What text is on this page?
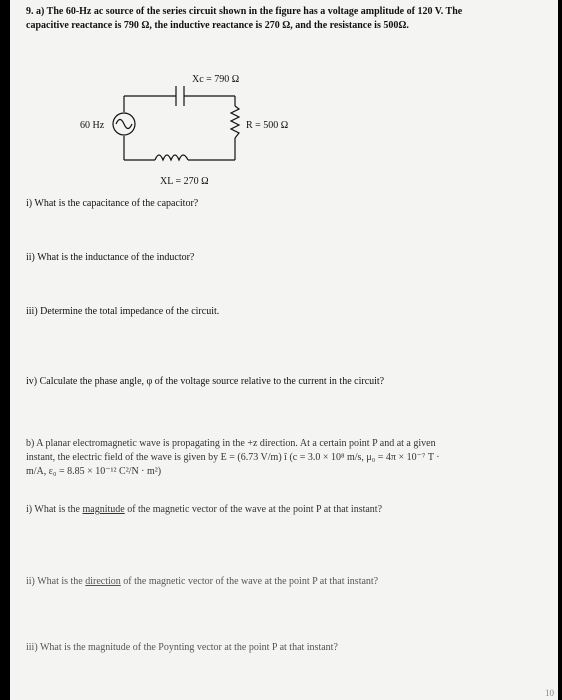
9. a) The 60-Hz ac source of the series circuit shown in the figure has a voltage amplitude of 120 V. The
capacitive reactance is 790 Ω, the inductive reactance is 270 Ω, and the resistance is 500Ω.
Xc = 790 Ω
60 Hz	R = 500 Ω
XL = 270 Ω
i) What is the capacitance of the capacitor?
ii) What is the inductance of the inductor?
iii) Determine the total impedance of the circuit.
iv) Calculate the phase angle, φ of the voltage source relative to the current in the circuit?
b) A planar electromagnetic wave is propagating in the +z direction. At a certain point P and at a given
instant, the electric field of the wave is given by E = (6.73 V/m) î (c = 3.0 × 10⁸ m/s, μ₀ = 4π × 10⁻⁷ T ·
m/A, ε₀ = 8.85 × 10⁻¹² C²/N · m²)
i) What is the magnitude of the magnetic vector of the wave at the point P at that instant?
ii) What is the direction of the magnetic vector of the wave at the point P at that instant?
iii) What is the magnitude of the Poynting vector at the point P at that instant?
10
